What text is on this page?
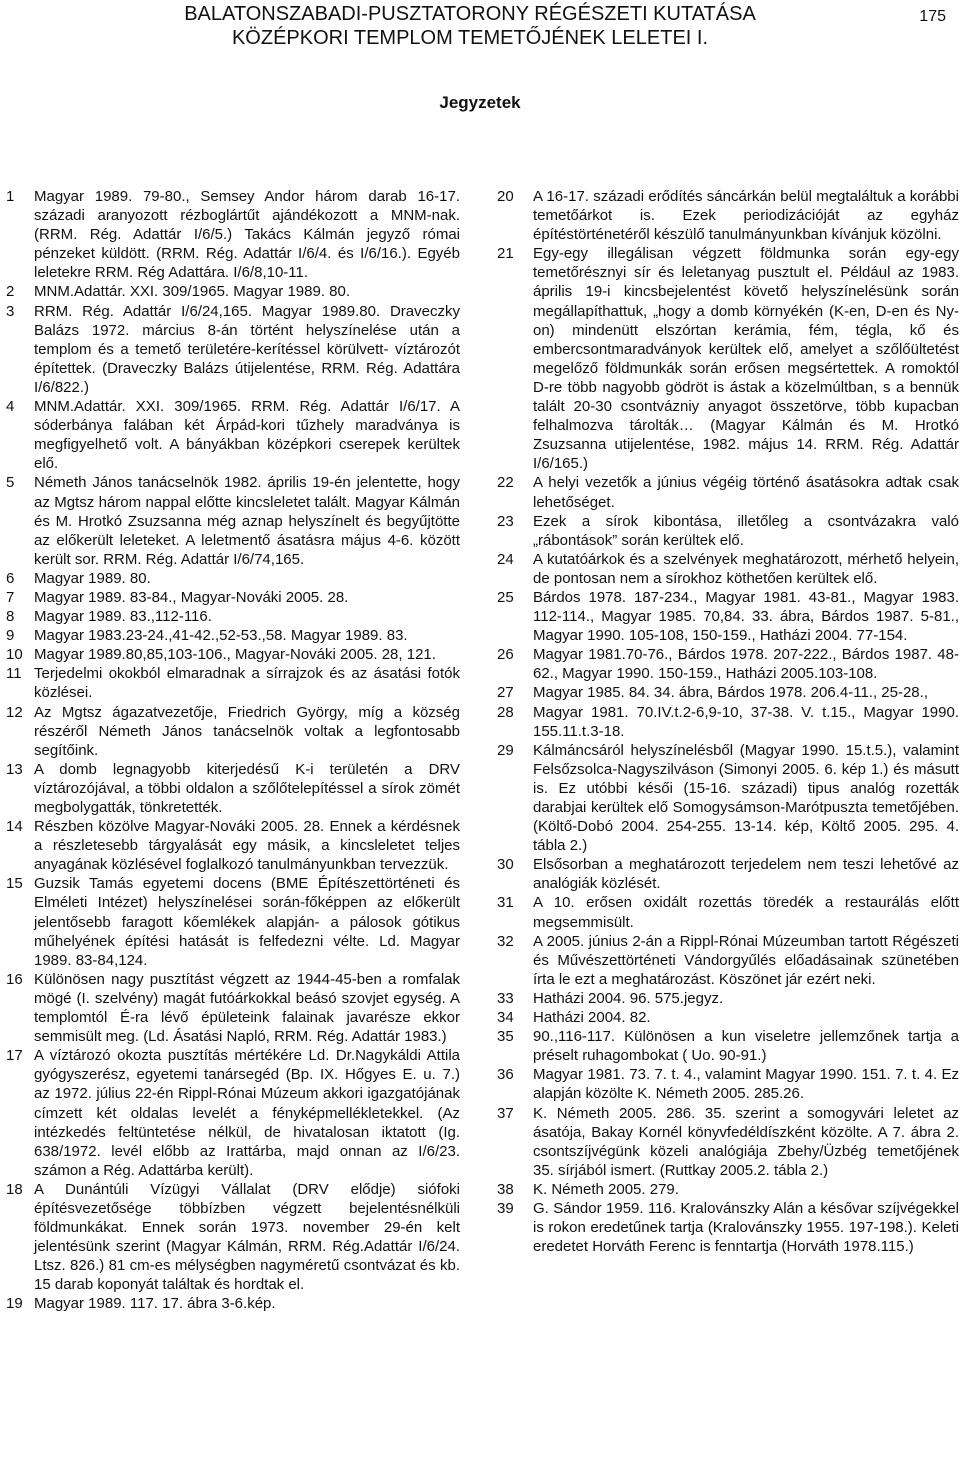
BALATONSZABADI-PUSZTATORONY RÉGÉSZETI KUTATÁSA
KÖZÉPKORI TEMPLOM TEMETŐJÉNEK LELETEI I.
175
Jegyzetek
1	Magyar 1989. 79-80., Semsey Andor három darab 16-17. századi aranyozott rézboglártűt ajándékozott a MNM-nak. (RRM. Rég. Adattár I/6/5.) Takács Kálmán jegyző római pénzeket küldött. (RRM. Rég. Adattár I/6/4. és I/6/16.). Egyéb leletekre RRM. Rég Adattára. I/6/8,10-11.
2	MNM.Adattár. XXI. 309/1965. Magyar 1989. 80.
3	RRM. Rég. Adattár I/6/24,165. Magyar 1989.80. Draveczky Balázs 1972. március 8-án történt helyszínelése után a templom és a temető területére-kerítéssel körülvett- víztározót építettek. (Draveczky Balázs útijelentése, RRM. Rég. Adattára I/6/822.)
4	MNM.Adattár. XXI. 309/1965. RRM. Rég. Adattár I/6/17. A sóderbánya falában két Árpád-kori tűzhely maradványa is megfigyelhető volt. A bányákban középkori cserepek kerültek elő.
5	Németh János tanácselnök 1982. április 19-én jelentette, hogy az Mgtsz három nappal előtte kincsleletet talált. Magyar Kálmán és M. Hrotkó Zsuzsanna még aznap helyszínelt és begyűjtötte az előkerült leleteket. A leletmentő ásatásra május 4-6. között került sor. RRM. Rég. Adattár I/6/74,165.
6	Magyar 1989. 80.
7	Magyar 1989. 83-84., Magyar-Nováki 2005. 28.
8	Magyar 1989. 83.,112-116.
9	Magyar 1983.23-24.,41-42.,52-53.,58. Magyar 1989. 83.
10 Magyar 1989.80,85,103-106., Magyar-Nováki 2005. 28, 121.
11 Terjedelmi okokból elmaradnak a sírrajzok és az ásatási fotók közlései.
12 Az Mgtsz ágazatvezetője, Friedrich György, míg a község részéről Németh János tanácselnök voltak a legfontosabb segítőink.
13 A domb legnagyobb kiterjedésű K-i területén a DRV víztározójával, a többi oldalon a szőlőtelepítéssel a sírok zömét megbolygatták, tönkretették.
14 Részben közölve Magyar-Nováki 2005. 28. Ennek a kérdésnek a részletesebb tárgyalását egy másik, a kincsleletet teljes anyagának közlésével foglalkozó tanulmányunkban tervezzük.
15 Guzsik Tamás egyetemi docens (BME Építészettörténeti és Elméleti Intézet) helyszínelései során-főképpen az előkerült jelentősebb faragott kőemlékek alapján- a pálosok gótikus műhelyének építési hatását is felfedezni vélte. Ld. Magyar 1989. 83-84,124.
16 Különösen nagy pusztítást végzett az 1944-45-ben a romfalak mögé (I. szelvény) magát futóárkokkal beásó szovjet egység. A templomtól É-ra lévő épületeink falainak javarésze ekkor semmisült meg. (Ld. Ásatási Napló, RRM. Rég. Adattár 1983.)
17 A víztározó okozta pusztítás mértékére Ld. Dr.Nagykáldi Attila gyógyszerész, egyetemi tanársegéd (Bp. IX. Hőgyes E. u. 7.) az 1972. július 22-én Rippl-Rónai Múzeum akkori igazgatójának címzett két oldalas levelét a fényképmellékletekkel. (Az intézkedés feltüntetése nélkül, de hivatalosan iktatott (Ig. 638/1972. levél előbb az Irattárba, majd onnan az I/6/23. számon a Rég. Adattárba került).
18 A Dunántúli Vízügyi Vállalat (DRV elődje) siófoki építésvezetősége többízben végzett bejelentésnélküli földmunkákat. Ennek során 1973. november 29-én kelt jelentésünk szerint (Magyar Kálmán, RRM. Rég.Adattár I/6/24. Ltsz. 826.) 81 cm-es mélységben nagyméretű csontvázat és kb. 15 darab koponyát találtak és hordtak el.
19 Magyar 1989. 117. 17. ábra 3-6.kép.
20	A 16-17. századi erődítés sáncárkán belül megtaláltuk a korábbi temetőárkot is. Ezek periodizációját az egyház építéstörténetéről készülő tanulmányunkban kívánjuk közölni.
21	Egy-egy illegálisan végzett földmunka során egy-egy temetőrésznyi sír és leletanyag pusztult el. Például az 1983. április 19-i kincsbejelentést követő helyszínelésünk során megállapíthattuk, „hogy a domb környékén (K-en, D-en és Ny-on) mindenütt elszórtan kerámia, fém, tégla, kő és embercsontmaradványok kerültek elő, amelyet a szőlőültetést megelőző földmunkák során erősen megsértettek. A romoktól D-re több nagyobb gödröt is ástak a közelmúltban, s a bennük talált 20-30 csontvázniy anyagot összetörve, több kupacban felhalmozva tárolták… (Magyar Kálmán és M. Hrotkó Zsuzsanna utijelentése, 1982. május 14. RRM. Rég. Adattár I/6/165.)
22	A helyi vezetők a június végéig történő ásatásokra adtak csak lehetőséget.
23	Ezek a sírok kibontása, illetőleg a csontvázakra való „rábontások” során kerültek elő.
24	A kutatóárkok és a szelvények meghatározott, mérhető helyein, de pontosan nem a sírokhoz köthetően kerültek elő.
25	Bárdos 1978. 187-234., Magyar 1981. 43-81., Magyar 1983. 112-114., Magyar 1985. 70,84. 33. ábra, Bárdos 1987. 5-81., Magyar 1990. 105-108, 150-159., Hatházi 2004. 77-154.
26	Magyar 1981.70-76., Bárdos 1978. 207-222., Bárdos 1987. 48-62., Magyar 1990. 150-159., Hatházi 2005.103-108.
27	Magyar 1985. 84. 34. ábra, Bárdos 1978. 206.4-11., 25-28.,
28	Magyar 1981. 70.IV.t.2-6,9-10, 37-38. V. t.15., Magyar 1990. 155.11.t.3-18.
29	Kálmáncsáról helyszínelésből (Magyar 1990. 15.t.5.), valamint Felsőzsolca-Nagyszilváson (Simonyi 2005. 6. kép 1.) és másutt is. Ez utóbbi késői (15-16. századi) tipus analóg rozetták darabjai kerültek elő Somogysámson-Marótpuszta temetőjében. (Költő-Dobó 2004. 254-255. 13-14. kép, Költő 2005. 295. 4. tábla 2.)
30	Elsősorban a meghatározott terjedelem nem teszi lehetővé az analógiák közlését.
31	A 10. erősen oxidált rozettás töredék a restaurálás előtt megsemmisült.
32	A 2005. június 2-án a Rippl-Rónai Múzeumban tartott Régészeti és Művészettörténeti Vándorgyűlés előadásainak szünetében írta le ezt a meghatározást. Köszönet jár ezért neki.
33	Hatházi 2004. 96. 575.jegyz.
34	Hatházi 2004. 82.
35	90.,116-117. Különösen a kun viseletre jellemzőnek tartja a préselt ruhagombokat ( Uo. 90-91.)
36	Magyar 1981. 73. 7. t. 4., valamint Magyar 1990. 151. 7. t. 4. Ez alapján közölte K. Németh 2005. 285.26.
37	K. Németh 2005. 286. 35. szerint a somogyvári leletet az ásatója, Bakay Kornél könyvfedéldíszként közölte. A 7. ábra 2. csontszíjvégünk közeli analógiája Zbehy/Üzbég temetőjének 35. sírjából ismert. (Ruttkay 2005.2. tábla 2.)
38	K. Németh 2005. 279.
39	G. Sándor 1959. 116. Kralovánszky Alán a késővar szíjvégekkel is rokon eredetűnek tartja (Kralovánszky 1955. 197-198.). Keleti eredetet Horváth Ferenc is fenntartja (Horváth 1978.115.)
